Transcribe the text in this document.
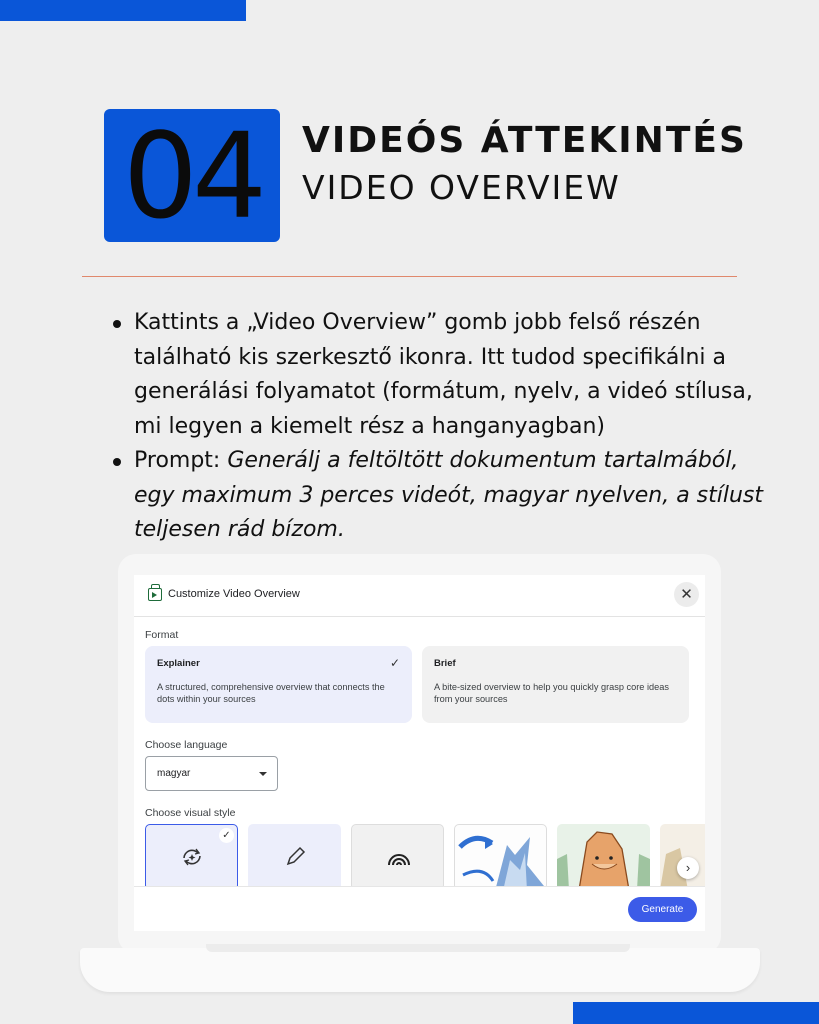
04	VIDEÓS ÁTTEKINTÉS
VIDEO OVERVIEW
Kattints a „Video Overview” gomb jobb felső részén található kis szerkesztő ikonra. Itt tudod specifikálni a generálási folyamatot (formátum, nyelv, a videó stílusa, mi legyen a kiemelt rész a hanganyagban)
Prompt: Generálj a feltöltött dokumentum tartalmából, egy maximum 3 perces videót, magyar nyelven, a stílust teljesen rád bízom.
Customize Video Overview	✕
Format
Explainer
A structured, comprehensive overview that connects the dots within your sources
✓	Brief
A bite-sized overview to help you quickly grasp core ideas from your sources
Choose language
magyar
Choose visual style
✓
›
Generate
